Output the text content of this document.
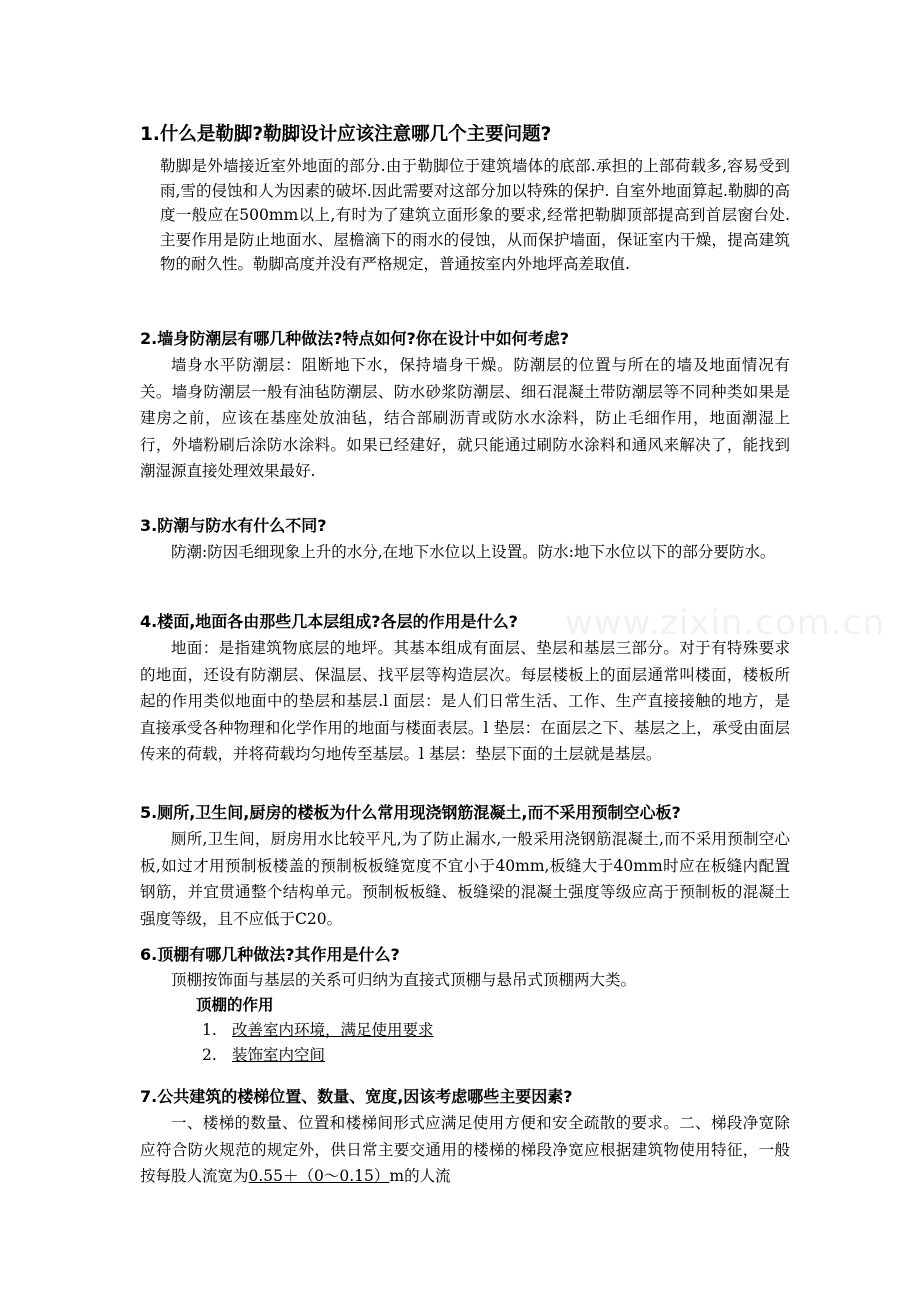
www.zixin.com.cn
1.什么是勒脚?勒脚设计应该注意哪几个主要问题?

勒脚是外墙接近室外地面的部分.由于勒脚位于建筑墙体的底部.承担的上部荷载多,容易受到雨,雪的侵蚀和人为因素的破坏.因此需要对这部分加以特殊的保护. 自室外地面算起.勒脚的高度一般应在500mm以上,有时为了建筑立面形象的要求,经常把勒脚顶部提高到首层窗台处.主要作用是防止地面水、屋檐滴下的雨水的侵蚀，从而保护墙面，保证室内干燥，提高建筑物的耐久性。勒脚高度并没有严格规定，普通按室内外地坪高差取值.

2.墙身防潮层有哪几种做法?特点如何?你在设计中如何考虑?

墙身水平防潮层：阻断地下水，保持墙身干燥。防潮层的位置与所在的墙及地面情况有关。墙身防潮层一般有油毡防潮层、防水砂浆防潮层、细石混凝土带防潮层等不同种类如果是建房之前，应该在基座处放油毡，结合部刷沥青或防水水涂料，防止毛细作用，地面潮湿上行，外墙粉刷后涂防水涂料。如果已经建好，就只能通过刷防水涂料和通风来解决了，能找到潮湿源直接处理效果最好.

3.防潮与防水有什么不同?

防潮:防因毛细现象上升的水分,在地下水位以上设置。防水:地下水位以下的部分要防水。

4.楼面,地面各由那些几本层组成?各层的作用是什么?

地面：是指建筑物底层的地坪。其基本组成有面层、垫层和基层三部分。对于有特殊要求的地面，还设有防潮层、保温层、找平层等构造层次。每层楼板上的面层通常叫楼面，楼板所起的作用类似地面中的垫层和基层.l 面层：是人们日常生活、工作、生产直接接触的地方，是直接承受各种物理和化学作用的地面与楼面表层。l 垫层：在面层之下、基层之上，承受由面层传来的荷载，并将荷载均匀地传至基层。l 基层：垫层下面的土层就是基层。

5.厕所,卫生间,厨房的楼板为什么常用现浇钢筋混凝土,而不采用预制空心板?

厕所,卫生间，厨房用水比较平凡,为了防止漏水,一般采用浇钢筋混凝土,而不采用预制空心板,如过才用预制板楼盖的预制板板缝宽度不宜小于40mm,板缝大于40mm时应在板缝内配置钢筋，并宜贯通整个结构单元。预制板板缝、板缝梁的混凝土强度等级应高于预制板的混凝土强度等级，且不应低于C20。

6.顶棚有哪几种做法?其作用是什么?

顶棚按饰面与基层的关系可归纳为直接式顶棚与悬吊式顶棚两大类。

顶棚的作用
1. 改善室内环境，满足使用要求
2. 装饰室内空间
7.公共建筑的楼梯位置、数量、宽度,因该考虑哪些主要因素?

一、楼梯的数量、位置和楼梯间形式应满足使用方便和安全疏散的要求。二、梯段净宽除应符合防火规范的规定外，供日常主要交通用的楼梯的梯段净宽应根据建筑物使用特征，一般按每股人流宽为0.55＋（0～0.15）m的人流
